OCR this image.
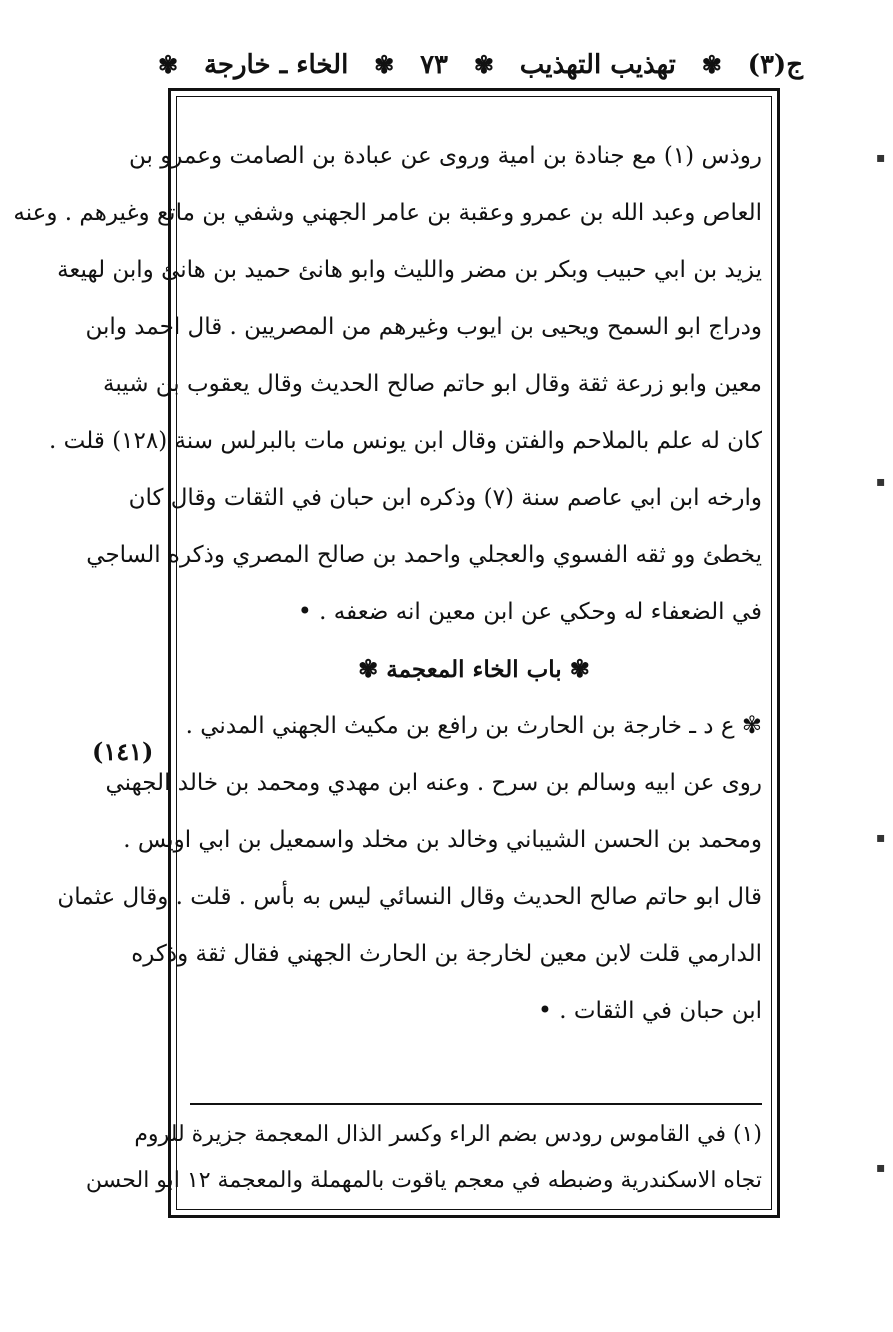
ج(٣)
✾
تهذيب التهذيب
✾
٧٣
✾
الخاء ـ خارجة
✾
روذس (١) مع جنادة بن امية وروى عن عبادة بن الصامت وعمرو بن
العاص وعبد الله بن عمرو وعقبة بن عامر الجهني وشفي بن ماتع وغيرهم . وعنه
يزيد بن ابي حبيب وبكر بن مضر والليث وابو هانئ حميد بن هانئ وابن لهيعة
ودراج ابو السمح ويحيى بن ايوب وغيرهم من المصريين . قال احمد وابن
معين وابو زرعة ثقة وقال ابو حاتم صالح الحديث وقال يعقوب بن شيبة
كان له علم بالملاحم والفتن وقال ابن يونس مات بالبرلس سنة (١٢٨) قلت .
وارخه ابن ابي عاصم سنة (٧) وذكره ابن حبان في الثقات وقال كان
يخطئ وو ثقه الفسوي والعجلي واحمد بن صالح المصري وذكره الساجي
في الضعفاء له وحكي عن ابن معين انه ضعفه . •
✾ باب الخاء المعجمة ✾
✾ ع د ـ خارجة بن الحارث بن رافع بن مكيث الجهني المدني .
روى عن ابيه وسالم بن سرح . وعنه ابن مهدي ومحمد بن خالد الجهني
ومحمد بن الحسن الشيباني وخالد بن مخلد واسمعيل بن ابي اويس .
قال ابو حاتم صالح الحديث وقال النسائي ليس به بأس . قلت . وقال عثمان
الدارمي قلت لابن معين لخارجة بن الحارث الجهني فقال ثقة وذكره
ابن حبان في الثقات . •
(١٤١)
(١) في القاموس رودس بضم الراء وكسر الذال المعجمة جزيرة للروم
تجاه الاسكندرية وضبطه في معجم ياقوت بالمهملة والمعجمة ١٢ ابو الحسن
▪
▪
▪
▪
